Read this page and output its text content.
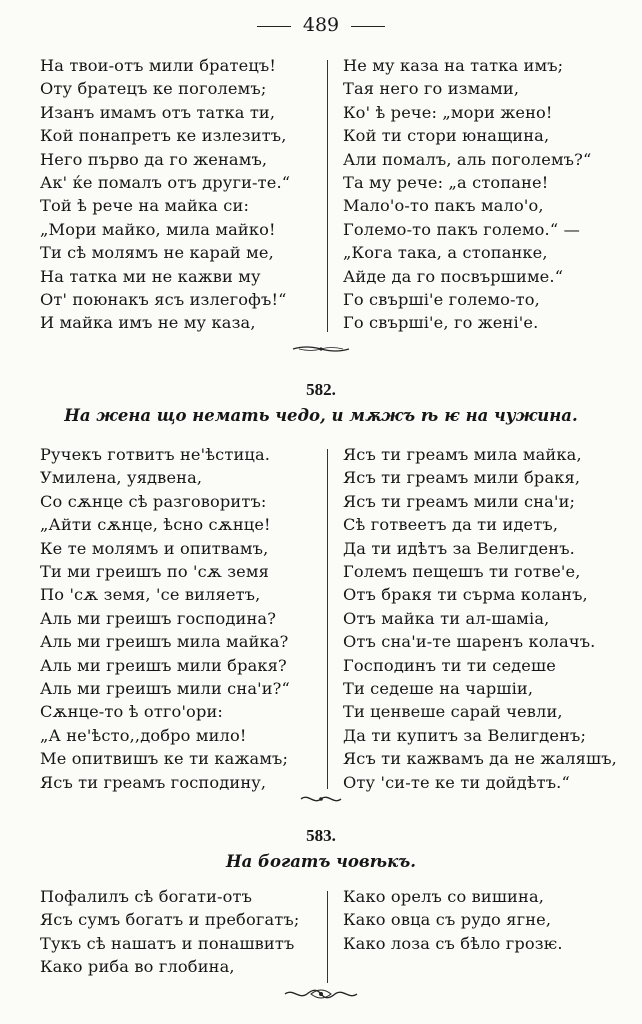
489
На твои-отъ мили братецъ!
Оту братецъ ке поголемъ;
Изанъ имамъ отъ татка ти,
Кой понапретъ ке излезитъ,
Него първо да го женамъ,
Ак' ќе помалъ отъ други-те.“
Той ѣ рече на майка си:
„Мори майко, мила майко!
Ти сѣ молямъ не карай ме,
На татка ми не кажви му
От' поюнакъ ясъ излегофъ!“
И майка имъ не му каза,
Не му каза на татка имъ;
Тая него го измами,
Ко' ѣ рече: „мори жено!
Кой ти стори юнащина,
Али помалъ, аль поголемъ?“
Та му рече: „а стопане!
Мало'о-то пакъ мало'о,
Големо-то пакъ големо.“ —
„Кога така, а стопанке,
Айде да го посвършиме.“
Го свърші'е големо-то,
Го свърші'е, го жені'е.
582.
На жена що немать чедо, и мѫжъ ѣ ѥ на чужина.
Ручекъ готвитъ не'ѣстица.
Умилена, уядвена,
Со сѫнце сѣ разговоритъ:
„Айти сѫнце, ѣсно сѫнце!
Ке те молямъ и опитвамъ,
Ти ми греишъ по 'сѫ земя
По 'сѫ земя, 'се виляетъ,
Аль ми греишъ господина?
Аль ми греишъ мила майка?
Аль ми греишъ мили бракя?
Аль ми греишъ мили сна'и?“
Сѫнце-то ѣ отго'ори:
„А не'ѣсто,,добро мило!
Ме опитвишъ ке ти кажамъ;
Ясъ ти греамъ господину,
Ясъ ти греамъ мила майка,
Ясъ ти греамъ мили бракя,
Ясъ ти греамъ мили сна'и;
Сѣ готвеетъ да ти идетъ,
Да ти идѣтъ за Велигденъ.
Големъ пещешъ ти готве'е,
Отъ бракя ти сърма коланъ,
Отъ майка ти ал-шаміа,
Отъ сна'и-те шаренъ колачъ.
Господинъ ти ти седеше
Ти седеше на чаршіи,
Ти ценвеше сарай чевли,
Да ти купитъ за Велигденъ;
Ясъ ти кажвамъ да не жаляшъ,
Оту 'си-те ке ти дойдѣтъ.“
583.
На богатъ човѣкъ.
Пофалилъ сѣ богати-отъ
Ясъ сумъ богатъ и пребогатъ;
Тукъ сѣ нашатъ и понашвитъ
Како риба во глобина,
Како орелъ со вишина,
Како овца съ рудо ягне,
Како лоза съ бѣло грозѥ.
